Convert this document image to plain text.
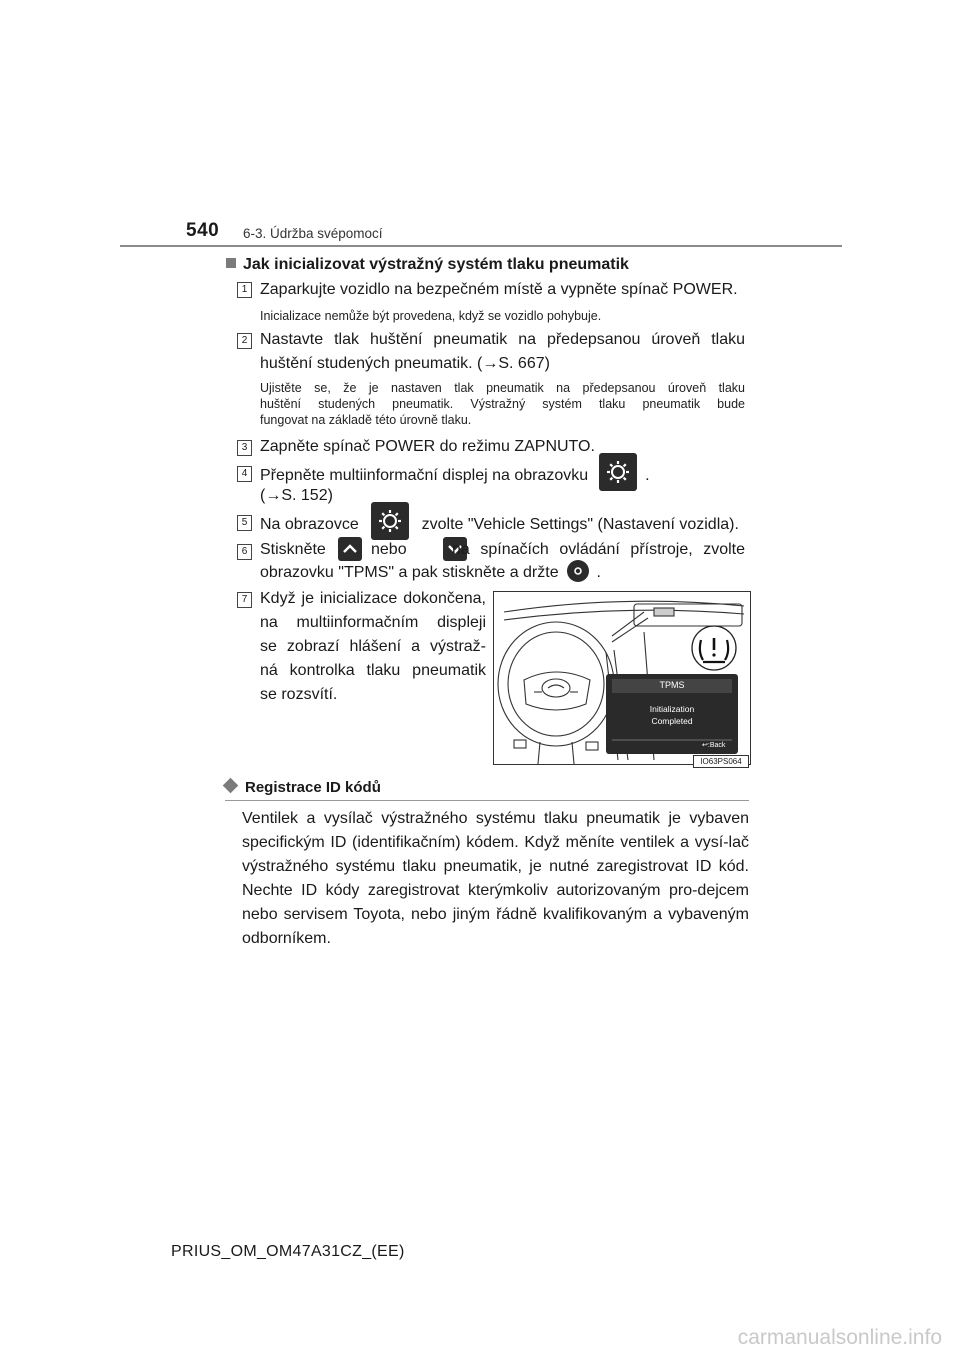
540 6-3. Údržba svépomocí
Jak inicializovat výstražný systém tlaku pneumatik
1 Zaparkujte vozidlo na bezpečném místě a vypněte spínač POWER.
Inicializace nemůže být provedena, když se vozidlo pohybuje.
2 Nastavte tlak huštění pneumatik na předepsanou úroveň tlaku
huštění studených pneumatik. (→S. 667)
Ujistěte se, že je nastaven tlak pneumatik na předepsanou úroveň tlaku
huštění studených pneumatik. Výstražný systém tlaku pneumatik bude
fungovat na základě této úrovně tlaku.
3 Zapněte spínač POWER do režimu ZAPNUTO.
4 Přepněte multiinformační displej na obrazovku	.
(→S. 152)
5 Na obrazovce	zvolte "Vehicle Settings" (Nastavení vozidla).
6 Stiskněte
	nebo	na spínačích ovládání přístroje, zvolte
obrazovku "TPMS" a pak stiskněte a držte .
7 Když je inicializace dokončena,
na multiinformačním displeji
se zobrazí hlášení a výstraž-
ná kontrolka tlaku pneumatik
se rozsvítí.
TPMS
Initialization
Completed
↩:Back
IO63PS064
Registrace ID kódů
Ventilek a vysílač výstražného systému tlaku pneumatik je vybaven specifickým ID (identifikačním) kódem. Když měníte ventilek a vysí-lač výstražného systému tlaku pneumatik, je nutné zaregistrovat ID kód. Nechte ID kódy zaregistrovat kterýmkoliv autorizovaným pro-dejcem nebo servisem Toyota, nebo jiným řádně kvalifikovaným a vybaveným odborníkem.
PRIUS_OM_OM47A31CZ_(EE)
carmanualsonline.info
